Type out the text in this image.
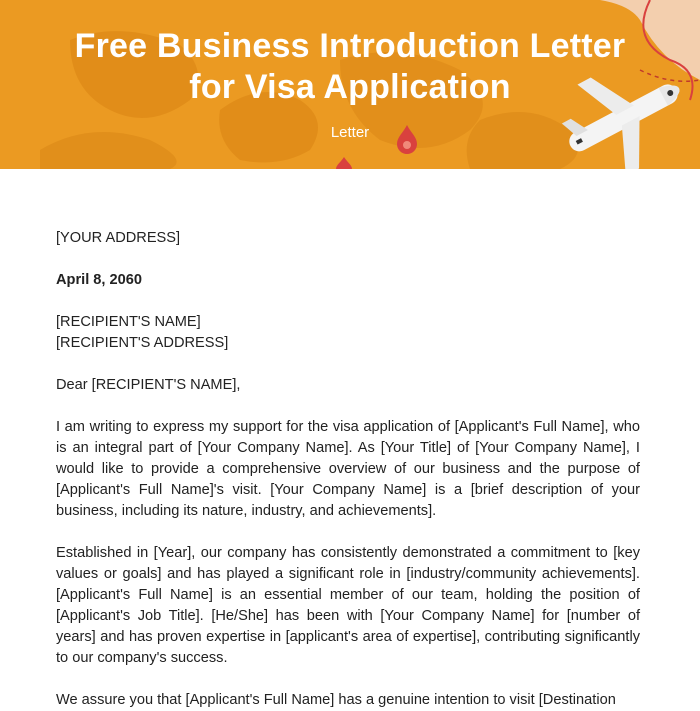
Free Business Introduction Letter
for Visa Application
Letter

[YOUR ADDRESS]

April 8, 2060

[RECIPIENT'S NAME]

[RECIPIENT'S ADDRESS]

Dear [RECIPIENT'S NAME],

I am writing to express my support for the visa application of [Applicant's Full Name], who is an integral part of [Your Company Name]. As [Your Title] of [Your Company Name], I would like to provide a comprehensive overview of our business and the purpose of [Applicant's Full Name]'s visit. [Your Company Name] is a [brief description of your business, including its nature, industry, and achievements].

Established in [Year], our company has consistently demonstrated a commitment to [key values or goals] and has played a significant role in [industry/community achievements]. [Applicant's Full Name] is an essential member of our team, holding the position of [Applicant's Job Title]. [He/She] has been with [Your Company Name] for [number of years] and has proven expertise in [applicant's area of expertise], contributing significantly to our company's success.

We assure you that [Applicant's Full Name] has a genuine intention to visit [Destination
